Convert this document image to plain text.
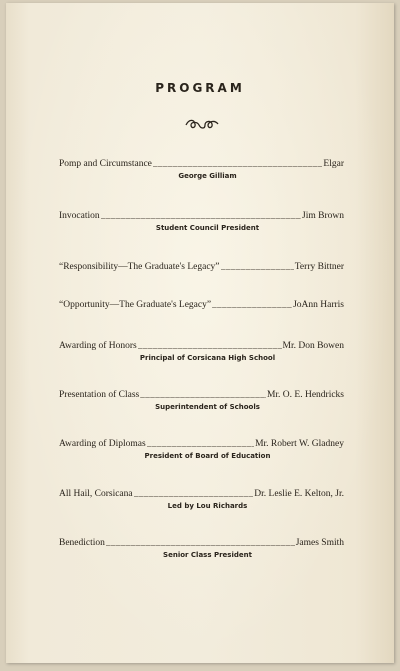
PROGRAM
Pomp and Circumstance _____	Elgar
George Gilliam
Invocation _____	Jim Brown
Student Council President
“Responsibility—The Graduate's Legacy” _____	Terry Bittner
“Opportunity—The Graduate's Legacy” _____	JoAnn Harris
Awarding of Honors _____	Mr. Don Bowen
Principal of Corsicana High School
Presentation of Class _____	Mr. O. E. Hendricks
Superintendent of Schools
Awarding of Diplomas _____	Mr. Robert W. Gladney
President of Board of Education
All Hail, Corsicana _____	Dr. Leslie E. Kelton, Jr.
Led by Lou Richards
Benediction _____	James Smith
Senior Class President
